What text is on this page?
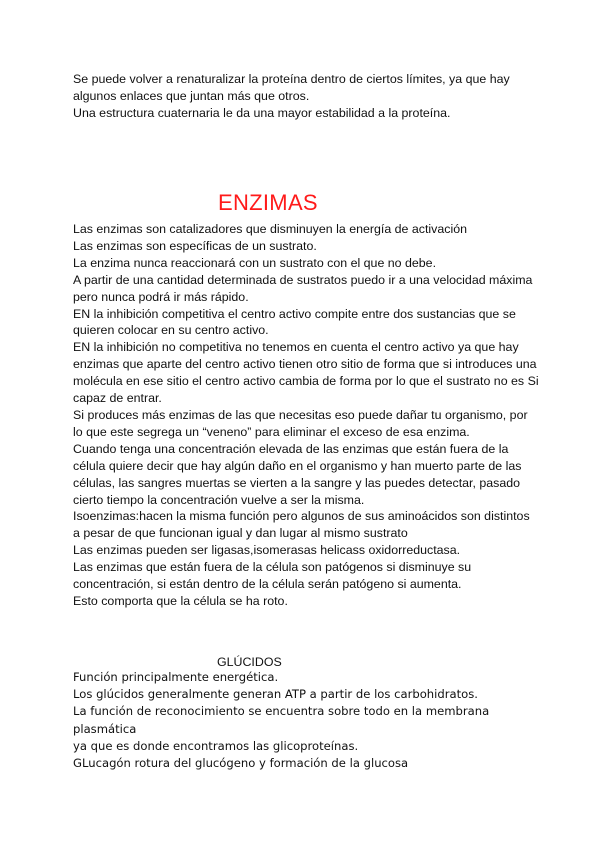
Se puede volver a renaturalizar la proteína dentro de ciertos límites, ya que hay

algunos enlaces que juntan más que otros.

Una estructura cuaternaria le da una mayor estabilidad a la proteína.

ENZIMAS

Las enzimas son catalizadores que disminuyen la energía de activación

Las enzimas son específicas de un sustrato.

La enzima nunca reaccionará con un sustrato con el que no debe.

A partir de una cantidad determinada de sustratos puedo ir a una velocidad máxima

pero nunca podrá ir más rápido.

EN la inhibición competitiva el centro activo compite entre dos sustancias que se

quieren colocar en su centro activo.

EN la inhibición no competitiva no tenemos en cuenta el centro activo ya que hay

enzimas que aparte del centro activo tienen otro sitio de forma que si introduces una

molécula en ese sitio el centro activo cambia de forma por lo que el sustrato no es Si

capaz de entrar.

Si produces más enzimas de las que necesitas eso puede dañar tu organismo, por

lo que este segrega un “veneno” para eliminar el exceso de esa enzima.

Cuando tenga una concentración elevada de las enzimas que están fuera de la

célula quiere decir que hay algún daño en el organismo y han muerto parte de las

células, las sangres muertas se vierten a la sangre y las puedes detectar, pasado

cierto tiempo la concentración vuelve a ser la misma.

Isoenzimas:hacen la misma función pero algunos de sus aminoácidos son distintos

a pesar de que funcionan igual y dan lugar al mismo sustrato

Las enzimas pueden ser ligasas,isomerasas helicass oxidorreductasa.

Las enzimas que están fuera de la célula son patógenos si disminuye su

concentración, si están dentro de la célula serán patógeno si aumenta.

Esto comporta que la célula se ha roto.

GLÚCIDOS

Función principalmente energética.

Los glúcidos generalmente generan ATP a partir de los carbohidratos.

La función de reconocimiento se encuentra sobre todo en la membrana plasmática

ya que es donde encontramos las glicoproteínas.

GLucagón rotura del glucógeno y formación de la glucosa
